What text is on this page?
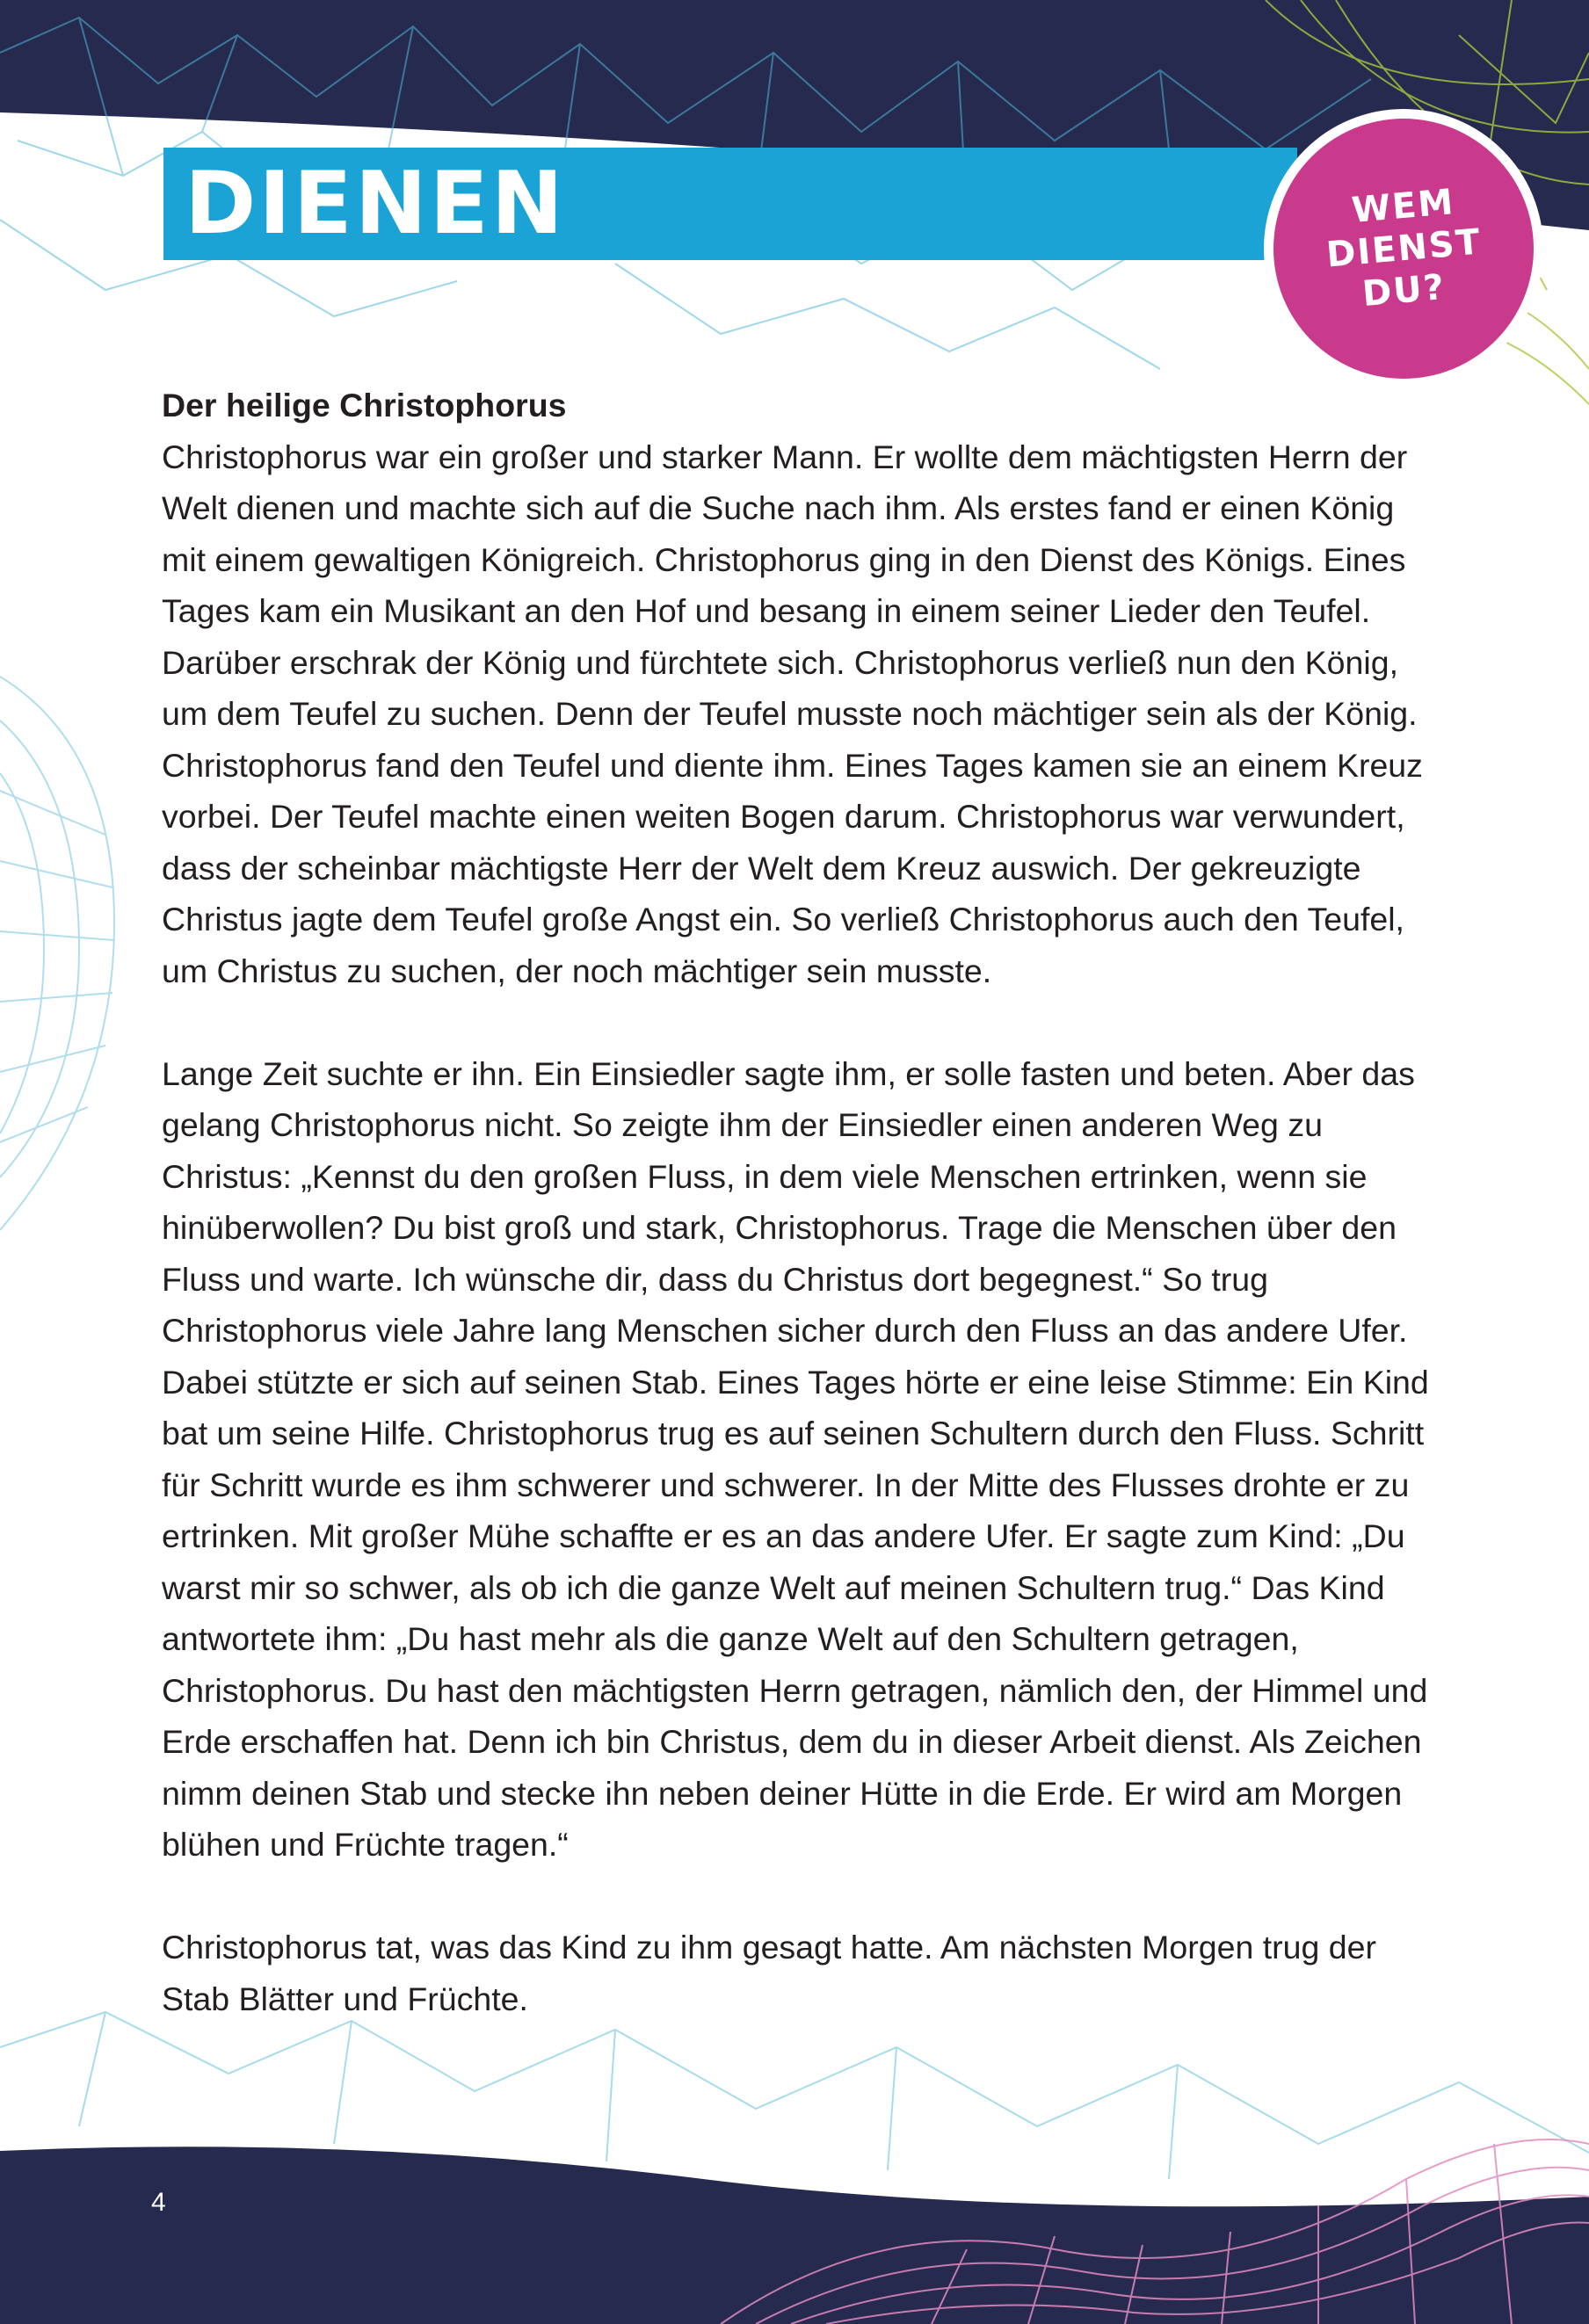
DIENEN	WEM
DIENST
DU?
Der heilige Christophorus

Christophorus war ein großer und starker Mann. Er wollte dem mächtigsten Herrn der Welt dienen und machte sich auf die Suche nach ihm. Als erstes fand er einen König mit einem gewaltigen Königreich. Christophorus ging in den Dienst des Königs. Eines Tages kam ein Musikant an den Hof und besang in einem seiner Lieder den Teufel. Darüber erschrak der König und fürchtete sich. Christophorus verließ nun den König, um dem Teufel zu suchen. Denn der Teufel musste noch mächtiger sein als der König. Christophorus fand den Teufel und diente ihm. Eines Tages kamen sie an einem Kreuz vorbei. Der Teufel machte einen weiten Bogen darum. Christophorus war verwundert, dass der scheinbar mächtigste Herr der Welt dem Kreuz auswich. Der gekreuzigte Christus jagte dem Teufel große Angst ein. So verließ Christophorus auch den Teufel, um Christus zu suchen, der noch mächtiger sein musste.

Lange Zeit suchte er ihn. Ein Einsiedler sagte ihm, er solle fasten und beten. Aber das gelang Christophorus nicht. So zeigte ihm der Einsiedler einen anderen Weg zu Christus: „Kennst du den großen Fluss, in dem viele Menschen ertrinken, wenn sie hinüberwollen? Du bist groß und stark, Christophorus. Trage die Menschen über den Fluss und warte. Ich wünsche dir, dass du Christus dort begegnest.“ So trug Christophorus viele Jahre lang Menschen sicher durch den Fluss an das andere Ufer. Dabei stützte er sich auf seinen Stab. Eines Tages hörte er eine leise Stimme: Ein Kind bat um seine Hilfe. Christophorus trug es auf seinen Schultern durch den Fluss. Schritt für Schritt wurde es ihm schwerer und schwerer. In der Mitte des Flusses drohte er zu ertrinken. Mit großer Mühe schaffte er es an das andere Ufer. Er sagte zum Kind: „Du warst mir so schwer, als ob ich die ganze Welt auf meinen Schultern trug.“ Das Kind antwortete ihm: „Du hast mehr als die ganze Welt auf den Schultern getragen, Christophorus. Du hast den mächtigsten Herrn getragen, nämlich den, der Himmel und Erde erschaffen hat. Denn ich bin Christus, dem du in dieser Arbeit dienst. Als Zeichen nimm deinen Stab und stecke ihn neben deiner Hütte in die Erde. Er wird am Morgen blühen und Früchte tragen.“

Christophorus tat, was das Kind zu ihm gesagt hatte. Am nächsten Morgen trug der Stab Blätter und Früchte.

4
